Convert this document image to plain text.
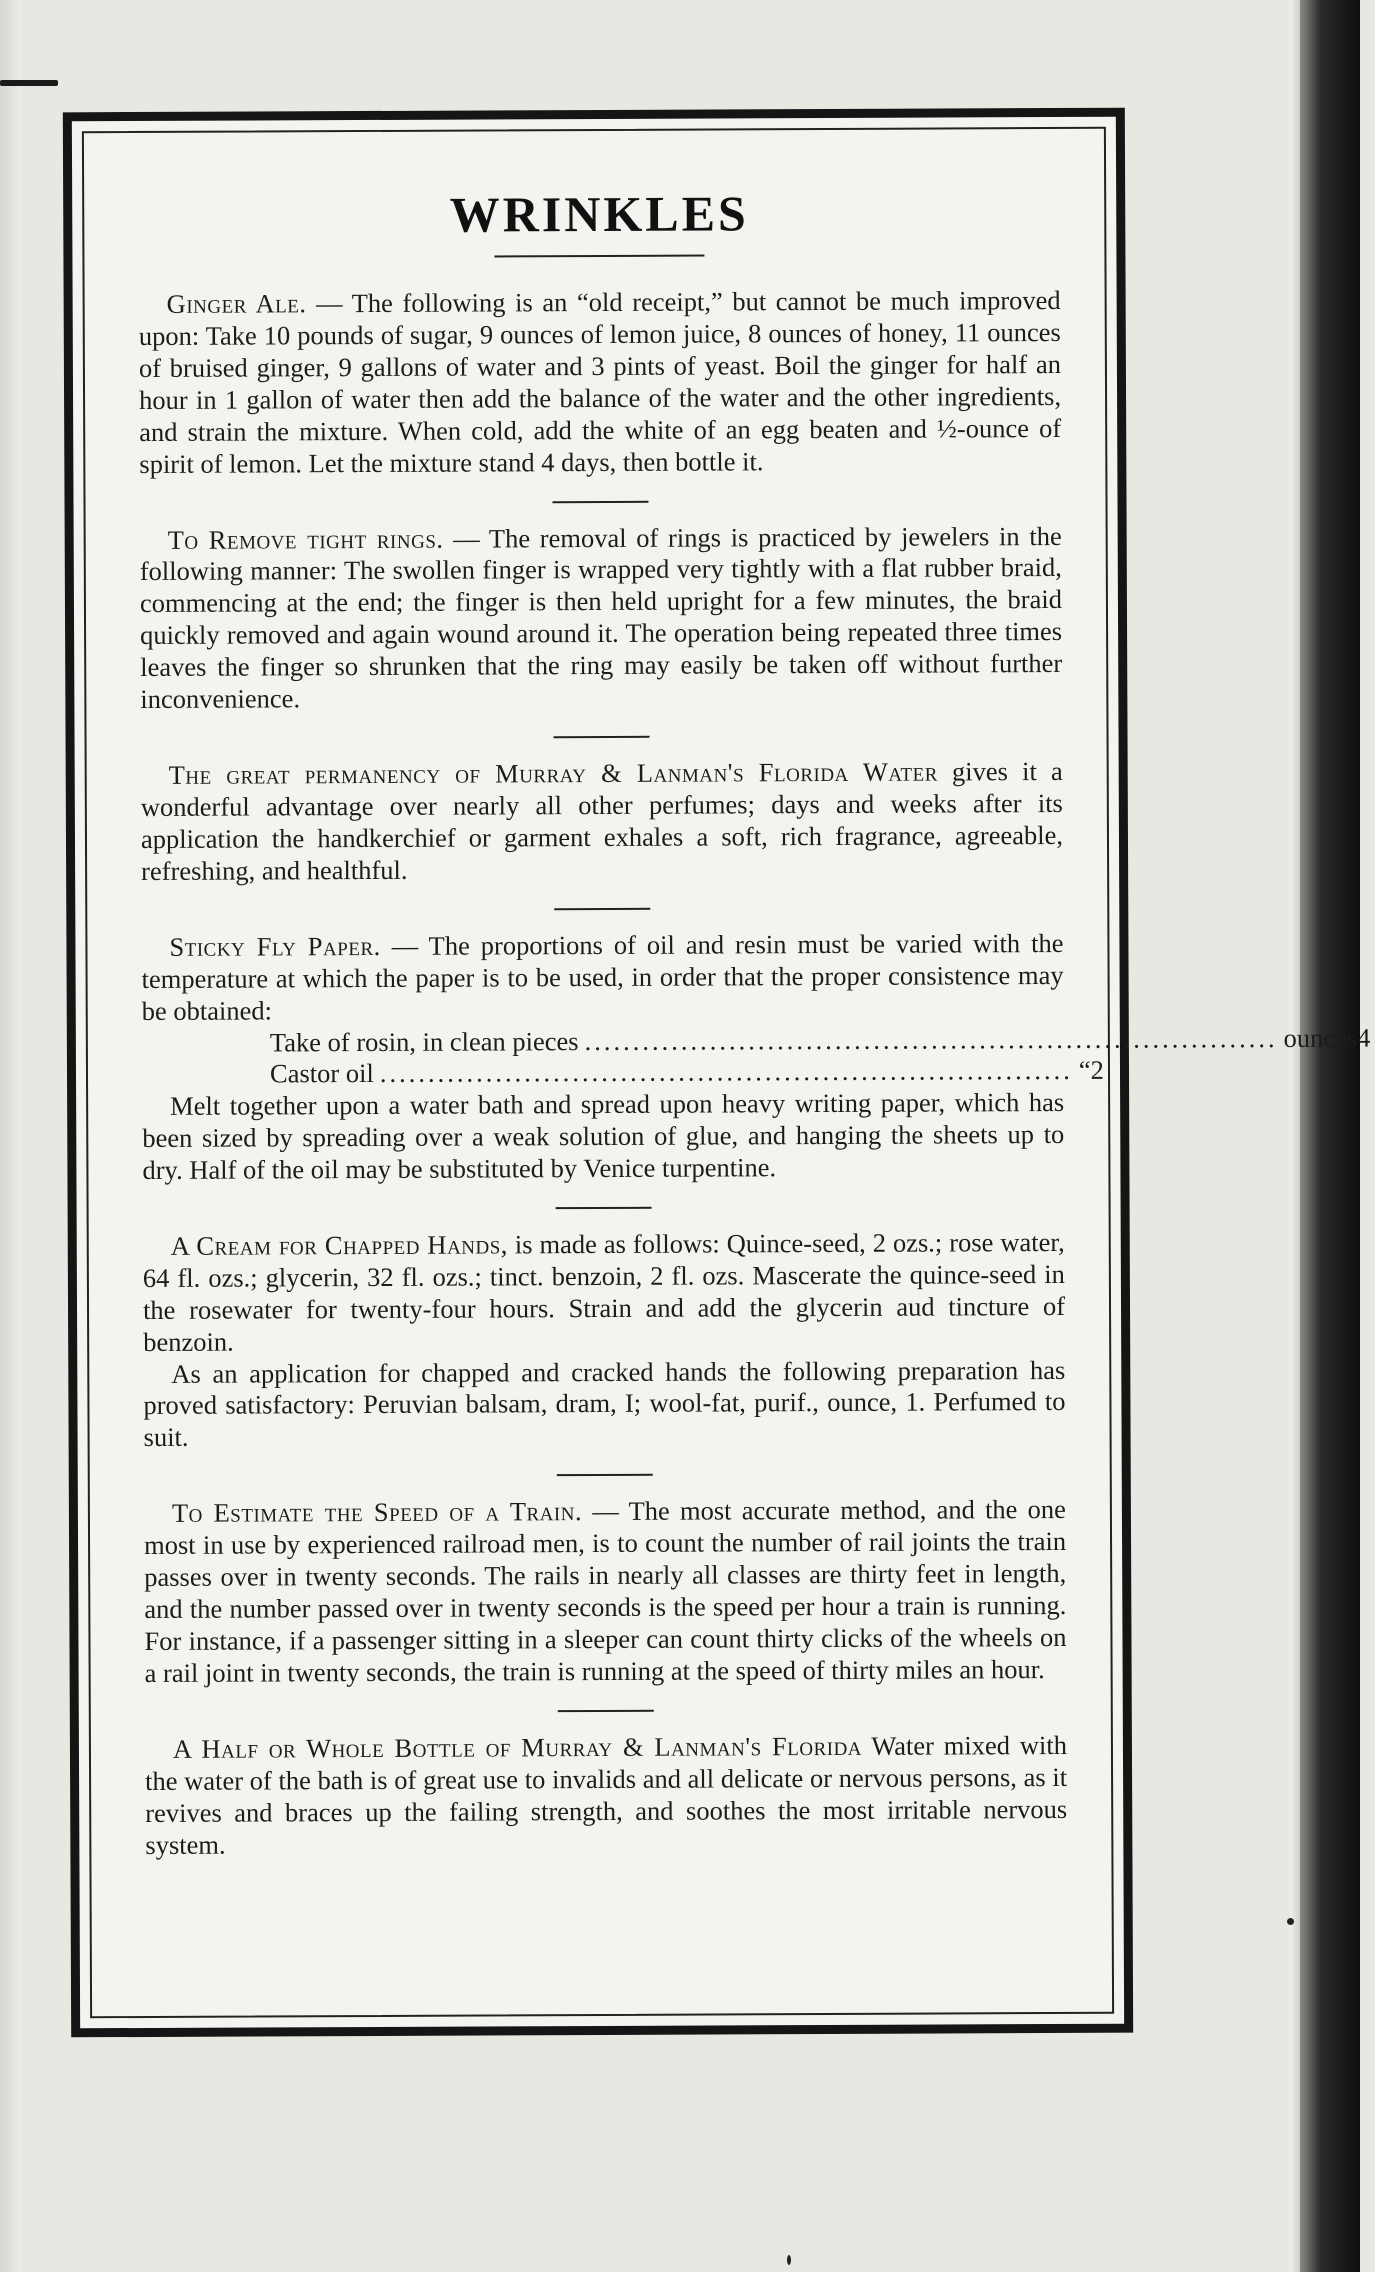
WRINKLES

Ginger Ale. — The following is an “old receipt,” but cannot be much improved upon: Take 10 pounds of sugar, 9 ounces of lemon juice, 8 ounces of honey, 11 ounces of bruised ginger, 9 gallons of water and 3 pints of yeast. Boil the ginger for half an hour in 1 gallon of water then add the balance of the water and the other ingredients, and strain the mixture. When cold, add the white of an egg beaten and ½-ounce of spirit of lemon. Let the mixture stand 4 days, then bottle it.

To Remove tight rings. — The removal of rings is practiced by jewelers in the following manner: The swollen finger is wrapped very tightly with a flat rubber braid, commencing at the end; the finger is then held upright for a few minutes, the braid quickly removed and again wound around it. The operation being repeated three times leaves the finger so shrunken that the ring may easily be taken off without further inconvenience.

The great permanency of Murray & Lanman's Florida Water gives it a wonderful advantage over nearly all other perfumes; days and weeks after its application the handkerchief or garment exhales a soft, rich fragrance, agreeable, refreshing, and healthful.

Sticky Fly Paper. — The proportions of oil and resin must be varied with the temperature at which the paper is to be used, in order that the proper consistence may be obtained:

Take of rosin, in clean pieces ........................................................................ ounces 4
Castor oil ........................................................................ “ 2

Melt together upon a water bath and spread upon heavy writing paper, which has been sized by spreading over a weak solution of glue, and hanging the sheets up to dry. Half of the oil may be substituted by Venice turpentine.

A Cream for Chapped Hands, is made as follows: Quince-seed, 2 ozs.; rose water, 64 fl. ozs.; glycerin, 32 fl. ozs.; tinct. benzoin, 2 fl. ozs. Mascerate the quince-seed in the rosewater for twenty-four hours. Strain and add the glycerin aud tincture of benzoin.

As an application for chapped and cracked hands the following preparation has proved satisfactory: Peruvian balsam, dram, I; wool-fat, purif., ounce, 1. Perfumed to suit.

To Estimate the Speed of a Train. — The most accurate method, and the one most in use by experienced railroad men, is to count the number of rail joints the train passes over in twenty seconds. The rails in nearly all classes are thirty feet in length, and the number passed over in twenty seconds is the speed per hour a train is running. For instance, if a passenger sitting in a sleeper can count thirty clicks of the wheels on a rail joint in twenty seconds, the train is running at the speed of thirty miles an hour.

A Half or Whole Bottle of Murray & Lanman's Florida Water mixed with the water of the bath is of great use to invalids and all delicate or nervous persons, as it revives and braces up the failing strength, and soothes the most irritable nervous system.
